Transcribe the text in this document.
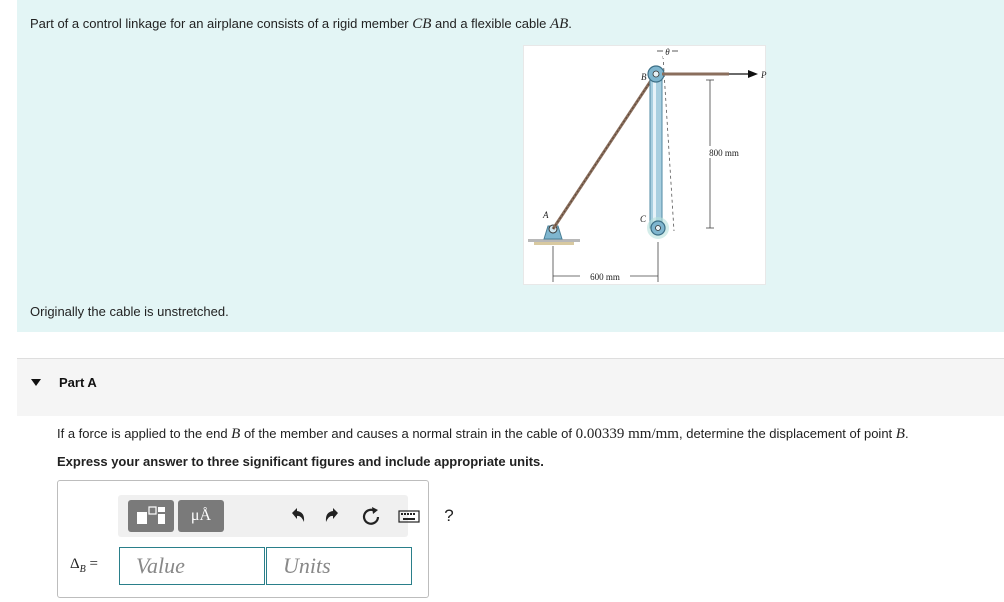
Part of a control linkage for an airplane consists of a rigid member CB and a flexible cable AB.
θ
B	P
A	C
800 mm
600 mm
Originally the cable is unstretched.
Part A
If a force is applied to the end B of the member and causes a normal strain in the cable of 0.00339 mm/mm, determine the displacement of point B.
Express your answer to three significant figures and include appropriate units.
μÅ	?
$\Delta_B$ =
Value
Units
